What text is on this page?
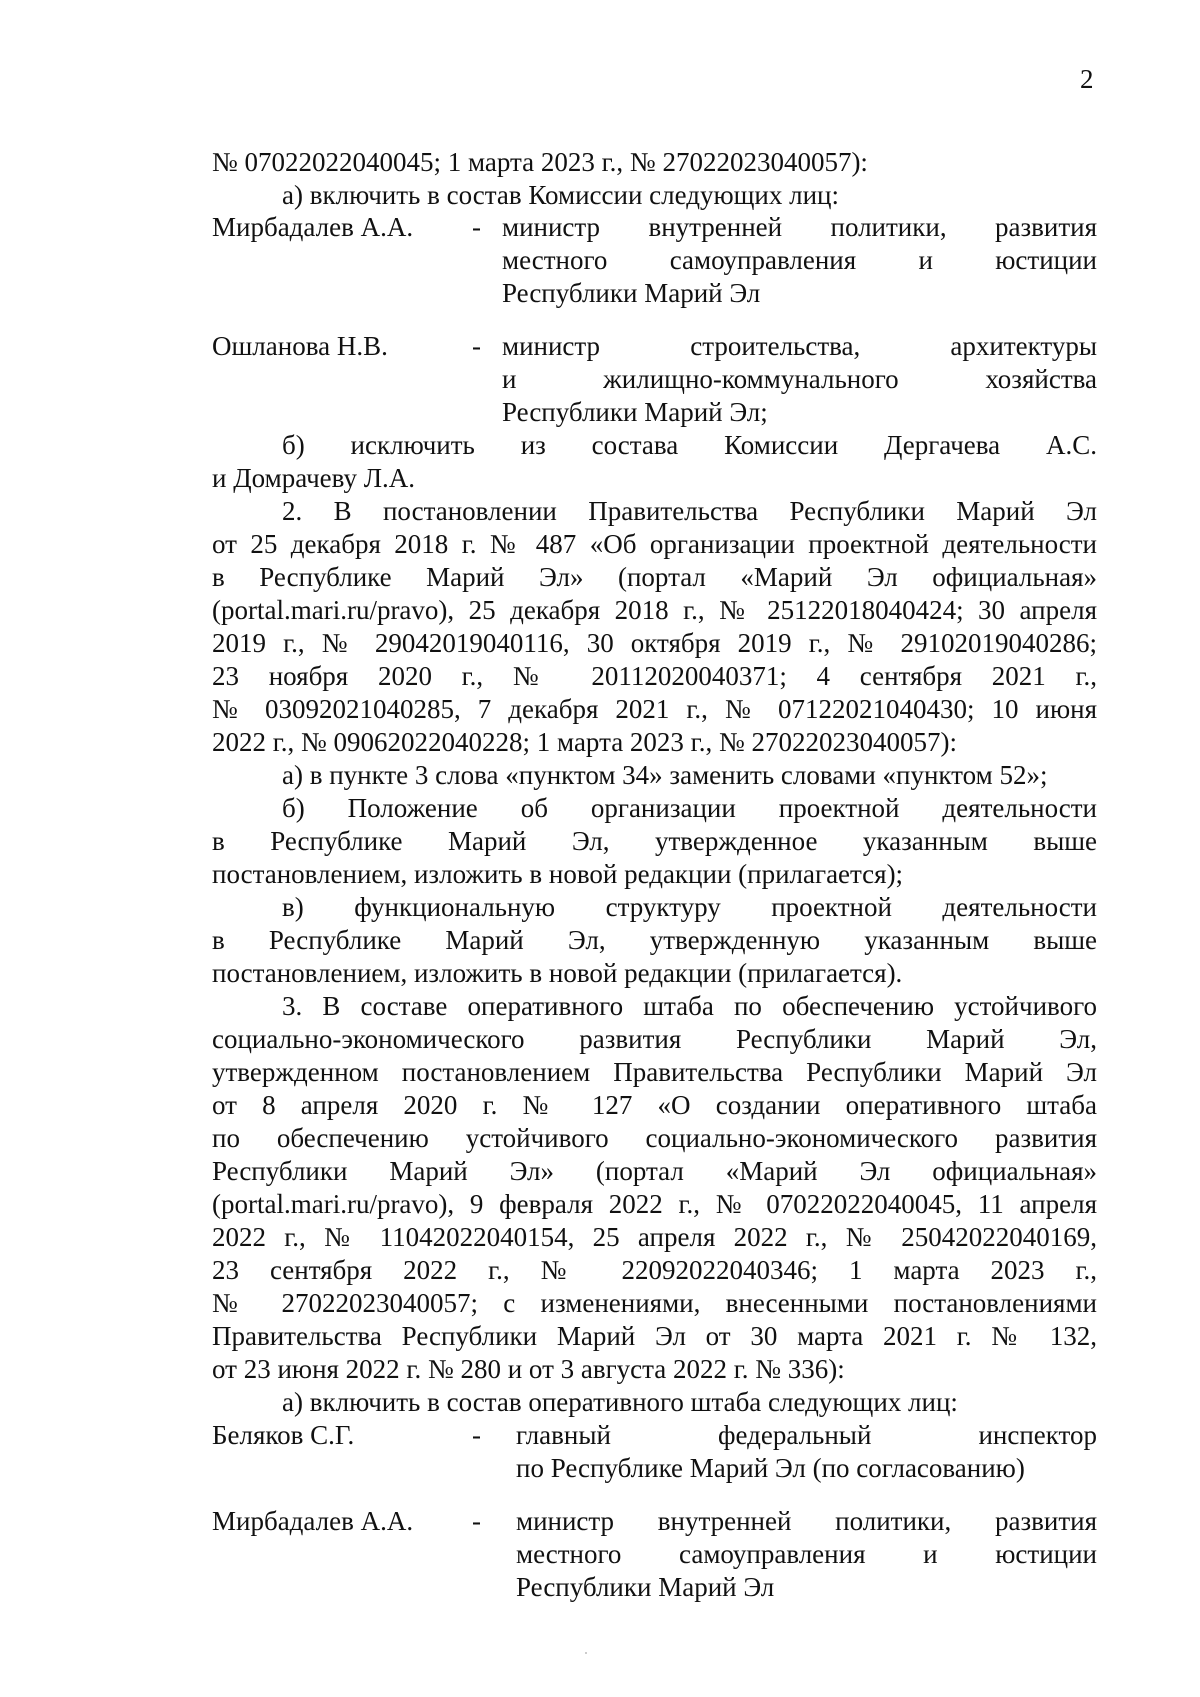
2
№ 07022022040045; 1 марта 2023 г., № 27022023040057):
а) включить в состав Комиссии следующих лиц:
Мирбадалев А.А. - министр внутренней политики, развития
местного самоуправления и юстиции
Республики Марий Эл
Ошланова Н.В.	- министр строительства, архитектуры
и жилищно-коммунального хозяйства
Республики Марий Эл;
б) исключить из состава Комиссии Дергачева А.С.
и Домрачеву Л.А.
2. В постановлении Правительства Республики Марий Эл
от 25 декабря 2018 г. № 487 «Об организации проектной деятельности
в Республике Марий Эл» (портал «Марий Эл официальная»
(portal.mari.ru/pravo), 25 декабря 2018 г., № 25122018040424; 30 апреля
2019 г., № 29042019040116, 30 октября 2019 г., № 29102019040286;
23 ноября 2020 г., № 20112020040371; 4 сентября 2021 г.,
№ 03092021040285, 7 декабря 2021 г., № 07122021040430; 10 июня
2022 г., № 09062022040228; 1 марта 2023 г., № 27022023040057):
а) в пункте 3 слова «пунктом 34» заменить словами «пунктом 52»;
б) Положение об организации проектной деятельности
в Республике Марий Эл, утвержденное указанным выше
постановлением, изложить в новой редакции (прилагается);
в) функциональную структуру проектной деятельности
в Республике Марий Эл, утвержденную указанным выше
постановлением, изложить в новой редакции (прилагается).
3. В составе оперативного штаба по обеспечению устойчивого
социально-экономического развития Республики Марий Эл,
утвержденном постановлением Правительства Республики Марий Эл
от 8 апреля 2020 г. № 127 «О создании оперативного штаба
по обеспечению устойчивого социально-экономического развития
Республики Марий Эл» (портал «Марий Эл официальная»
(portal.mari.ru/pravo), 9 февраля 2022 г., № 07022022040045, 11 апреля
2022 г., № 11042022040154, 25 апреля 2022 г., № 25042022040169,
23 сентября 2022 г., № 22092022040346; 1 марта 2023 г.,
№ 27022023040057; с изменениями, внесенными постановлениями
Правительства Республики Марий Эл от 30 марта 2021 г. № 132,
от 23 июня 2022 г. № 280 и от 3 августа 2022 г. № 336):
а) включить в состав оперативного штаба следующих лиц:
Беляков С.Г.	- главный федеральный инспектор
по Республике Марий Эл (по согласованию)
Мирбадалев А.А. - министр внутренней политики, развития
местного самоуправления и юстиции
Республики Марий Эл
